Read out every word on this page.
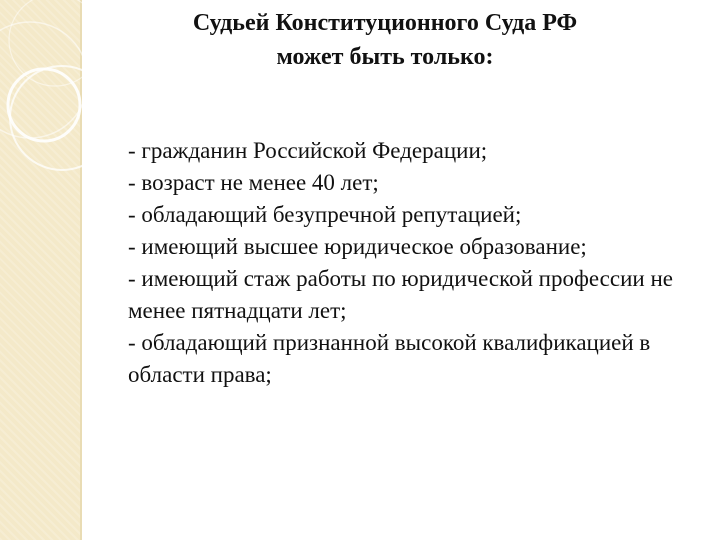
Судьей Конституционного Суда РФ
может быть только:
- гражданин Российской Федерации;
- возраст не менее 40 лет;
- обладающий безупречной репутацией;
- имеющий высшее юридическое образование;
- имеющий стаж работы по юридической профессии не менее пятнадцати лет;
- обладающий признанной высокой квалификацией в области права;
